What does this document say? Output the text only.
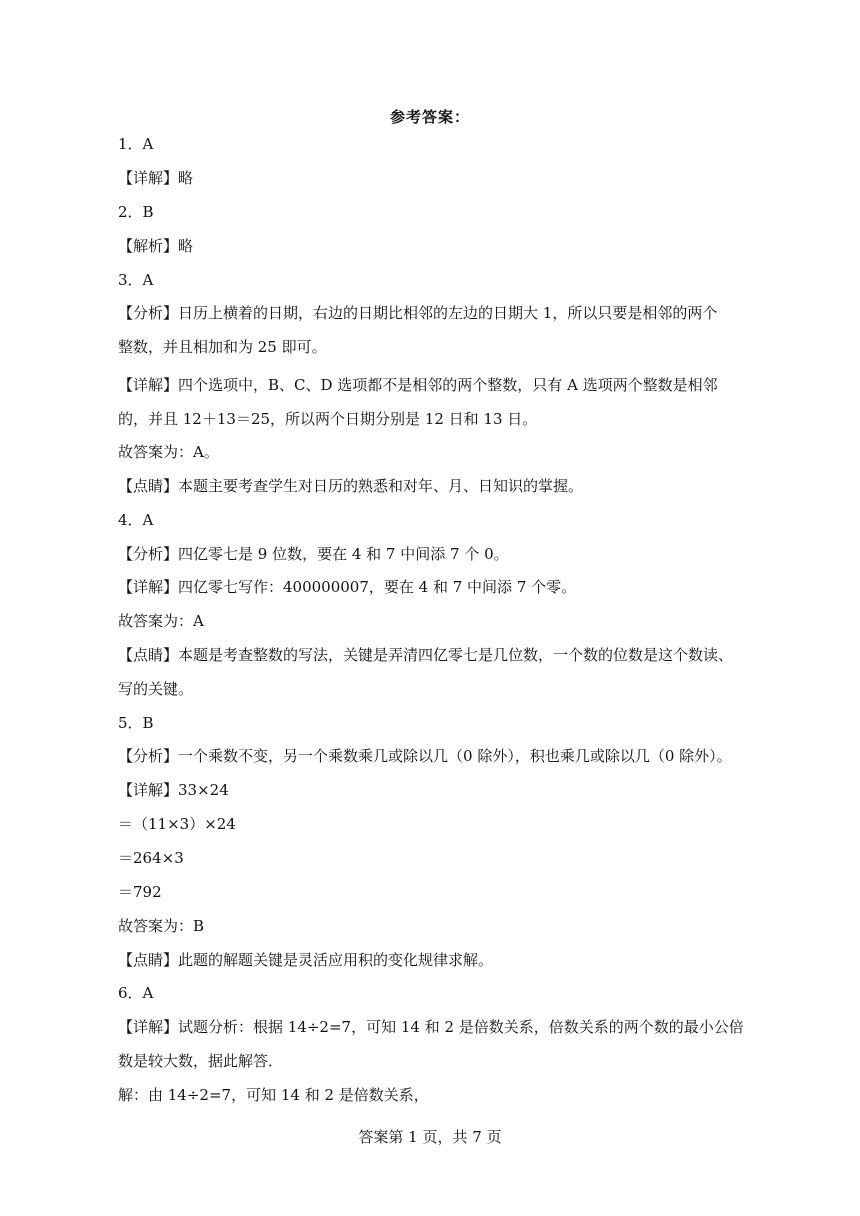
参考答案：
1．A
【详解】略
2．B
【解析】略
3．A
【分析】日历上横着的日期，右边的日期比相邻的左边的日期大 1，所以只要是相邻的两个
整数，并且相加和为 25 即可。
【详解】四个选项中，B、C、D 选项都不是相邻的两个整数，只有 A 选项两个整数是相邻
的，并且 12＋13＝25，所以两个日期分别是 12 日和 13 日。
故答案为：A。
【点睛】本题主要考查学生对日历的熟悉和对年、月、日知识的掌握。
4．A
【分析】四亿零七是 9 位数，要在 4 和 7 中间添 7 个 0。
【详解】四亿零七写作：400000007，要在 4 和 7 中间添 7 个零。
故答案为：A
【点睛】本题是考查整数的写法，关键是弄清四亿零七是几位数，一个数的位数是这个数读、
写的关键。
5．B
【分析】一个乘数不变，另一个乘数乘几或除以几（0 除外），积也乘几或除以几（0 除外）。
【详解】33×24
＝（11×3）×24
＝264×3
＝792
故答案为：B
【点睛】此题的解题关键是灵活应用积的变化规律求解。
6．A
【详解】试题分析：根据 14÷2=7，可知 14 和 2 是倍数关系，倍数关系的两个数的最小公倍
数是较大数，据此解答．
解：由 14÷2=7，可知 14 和 2 是倍数关系，
答案第 1 页，共 7 页
